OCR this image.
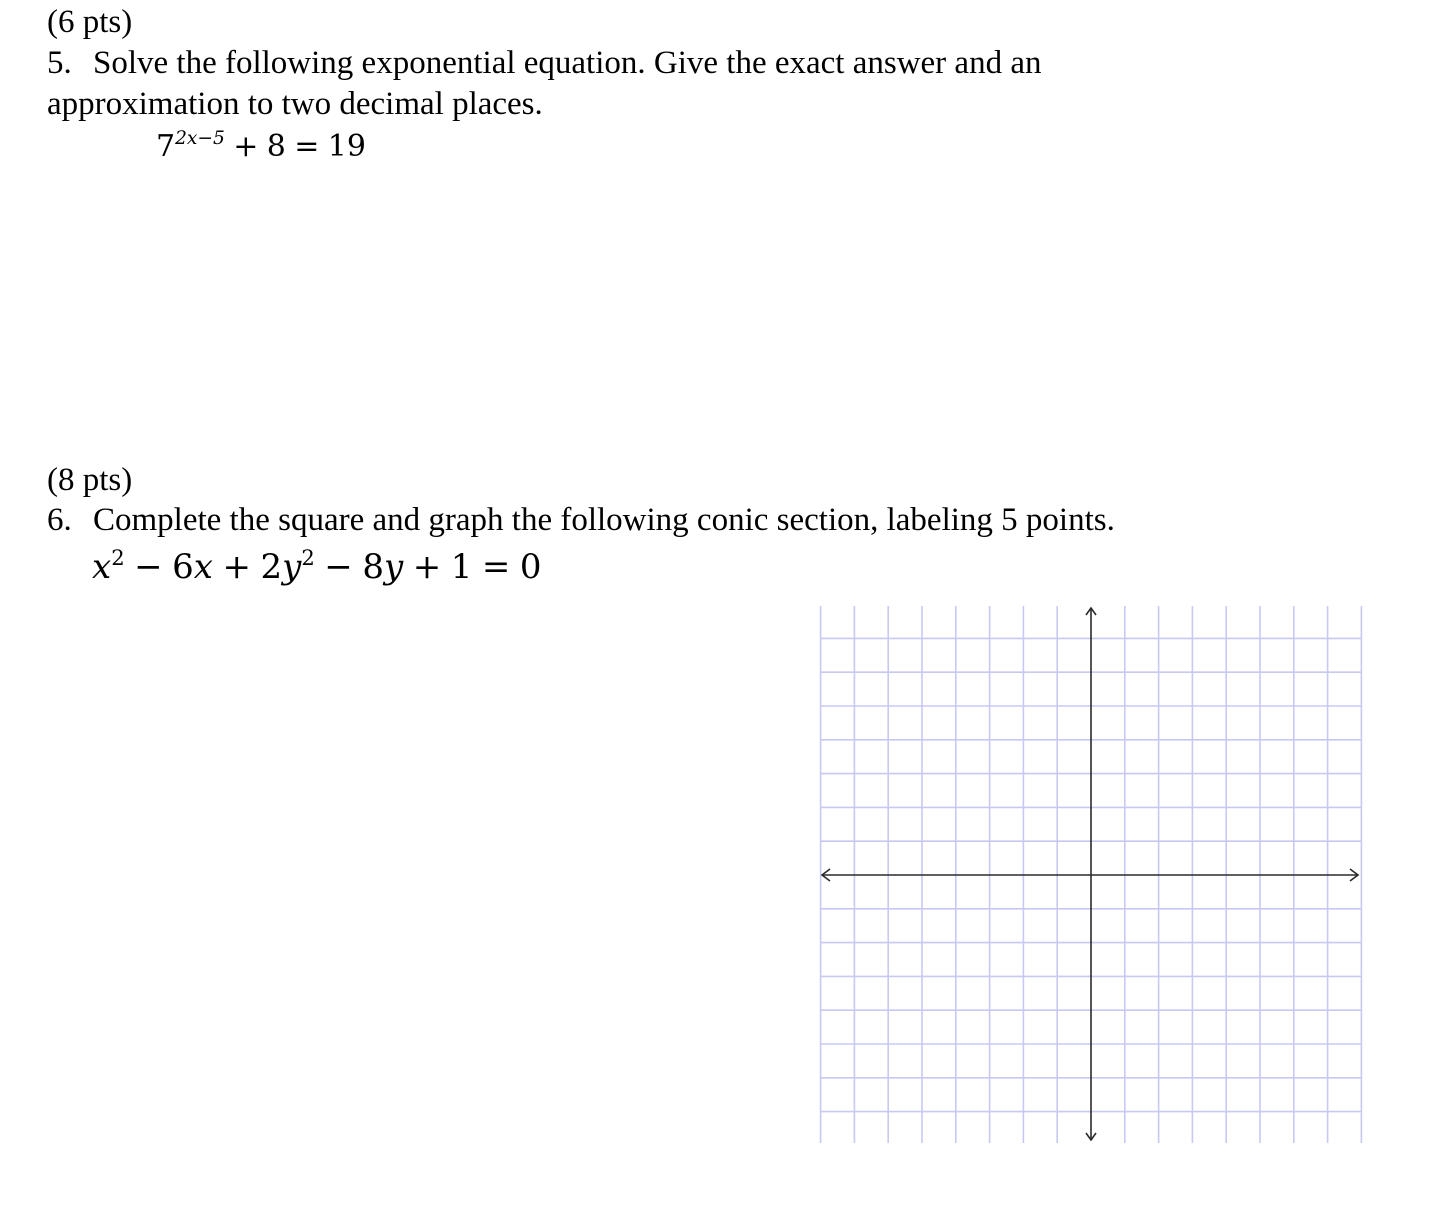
(6 pts)
5. Solve the following exponential equation. Give the exact answer and an
approximation to two decimal places.
$7^{2x-5} + 8 = 19$
(8 pts)
6. Complete the square and graph the following conic section, labeling 5 points.
$x^2 - 6x + 2y^2 - 8y + 1 = 0$
